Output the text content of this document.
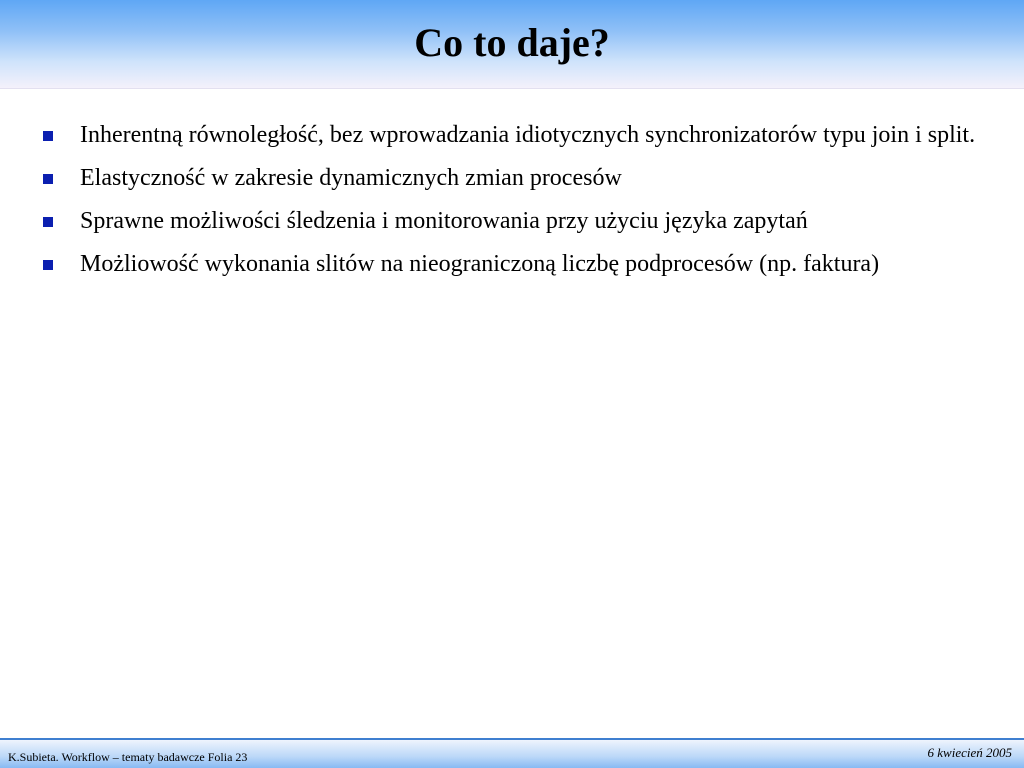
Co to daje?
Inherentną równoległość, bez wprowadzania idiotycznych synchronizatorów typu join i split.
Elastyczność w zakresie dynamicznych zmian procesów
Sprawne możliwości śledzenia i monitorowania przy użyciu języka zapytań
Możliowość wykonania slitów na nieograniczoną liczbę podprocesów (np. faktura)
K.Subieta. Workflow – tematy badawcze Folia 23	6 kwiecień 2005
